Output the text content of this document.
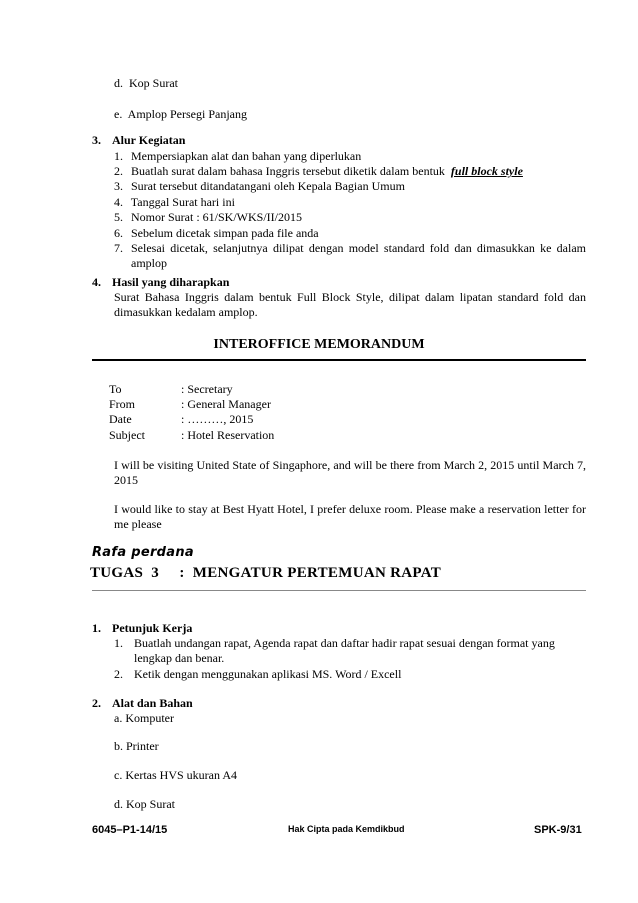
d. Kop Surat
e. Amplop Persegi Panjang
3. Alur Kegiatan
1. Mempersiapkan alat dan bahan yang diperlukan
2. Buatlah surat dalam bahasa Inggris tersebut diketik dalam bentuk full block style
3. Surat tersebut ditandatangani oleh Kepala Bagian Umum
4. Tanggal Surat hari ini
5. Nomor Surat : 61/SK/WKS/II/2015
6. Sebelum dicetak simpan pada file anda
7. Selesai dicetak, selanjutnya dilipat dengan model standard fold dan dimasukkan ke dalam amplop
4. Hasil yang diharapkan
Surat Bahasa Inggris dalam bentuk Full Block Style, dilipat dalam lipatan standard fold dan dimasukkan kedalam amplop.
INTEROFFICE MEMORANDUM
To	: Secretary
From	: General Manager
Date	: ………, 2015
Subject	: Hotel Reservation
I will be visiting United State of Singaphore, and will be there from March 2, 2015 until March 7, 2015
I would like to stay at Best Hyatt Hotel, I prefer deluxe room. Please make a reservation letter for me please
Rafa perdana
TUGAS  3 : MENGATUR PERTEMUAN RAPAT
1. Petunjuk Kerja
1. Buatlah undangan rapat, Agenda rapat dan daftar hadir rapat sesuai dengan format yang lengkap dan benar.
2. Ketik dengan menggunakan aplikasi MS. Word / Excell
2. Alat dan Bahan
a. Komputer
b. Printer
c. Kertas HVS ukuran A4
d. Kop Surat
6045–P1-14/15	Hak Cipta pada Kemdikbud	SPK-9/31
